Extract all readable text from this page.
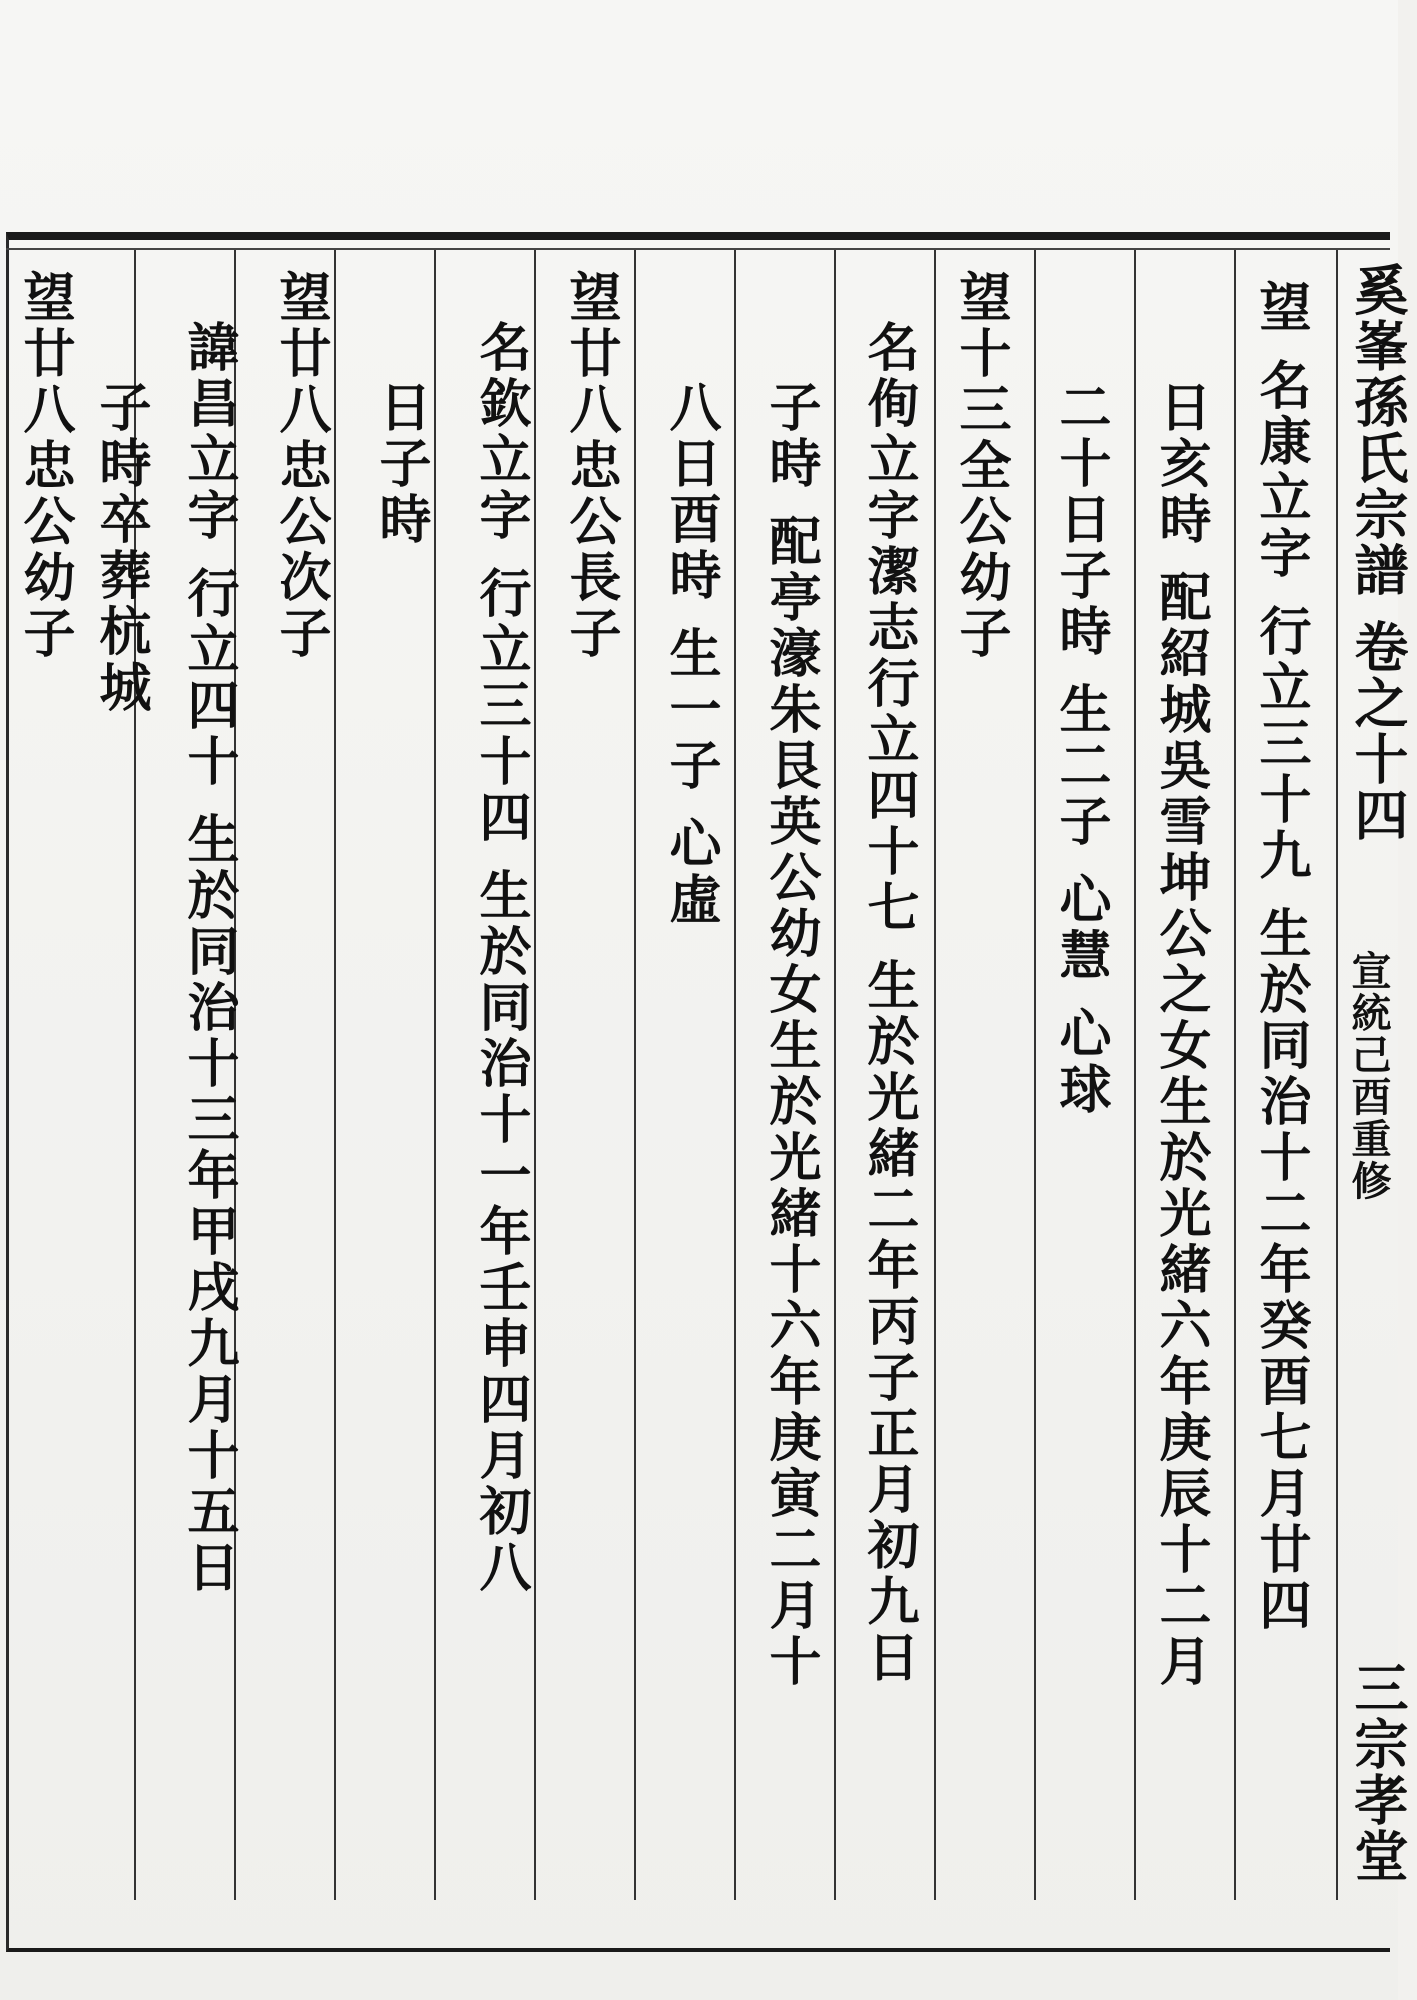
奚峯孫氏宗譜 卷之十四
宣統己酉重修
三宗孝堂
望 名康立字 行立三十九 生於同治十二年癸酉七月廿四
日亥時 配紹城吳雪坤公之女生於光緒六年庚辰十二月
二十日子時 生二子 心慧 心球
望十三全公幼子
名侚立字潔志行立四十七 生於光緒二年丙子正月初九日
子時 配亭濠朱艮英公幼女生於光緒十六年庚寅二月十
八日酉時 生一子 心虛
望廿八忠公長子
名欽立字 行立三十四 生於同治十一年壬申四月初八
日子時
望廿八忠公次子
諱昌立字 行立四十 生於同治十三年甲戌九月十五日
子時卒葬杭城
望廿八忠公幼子
